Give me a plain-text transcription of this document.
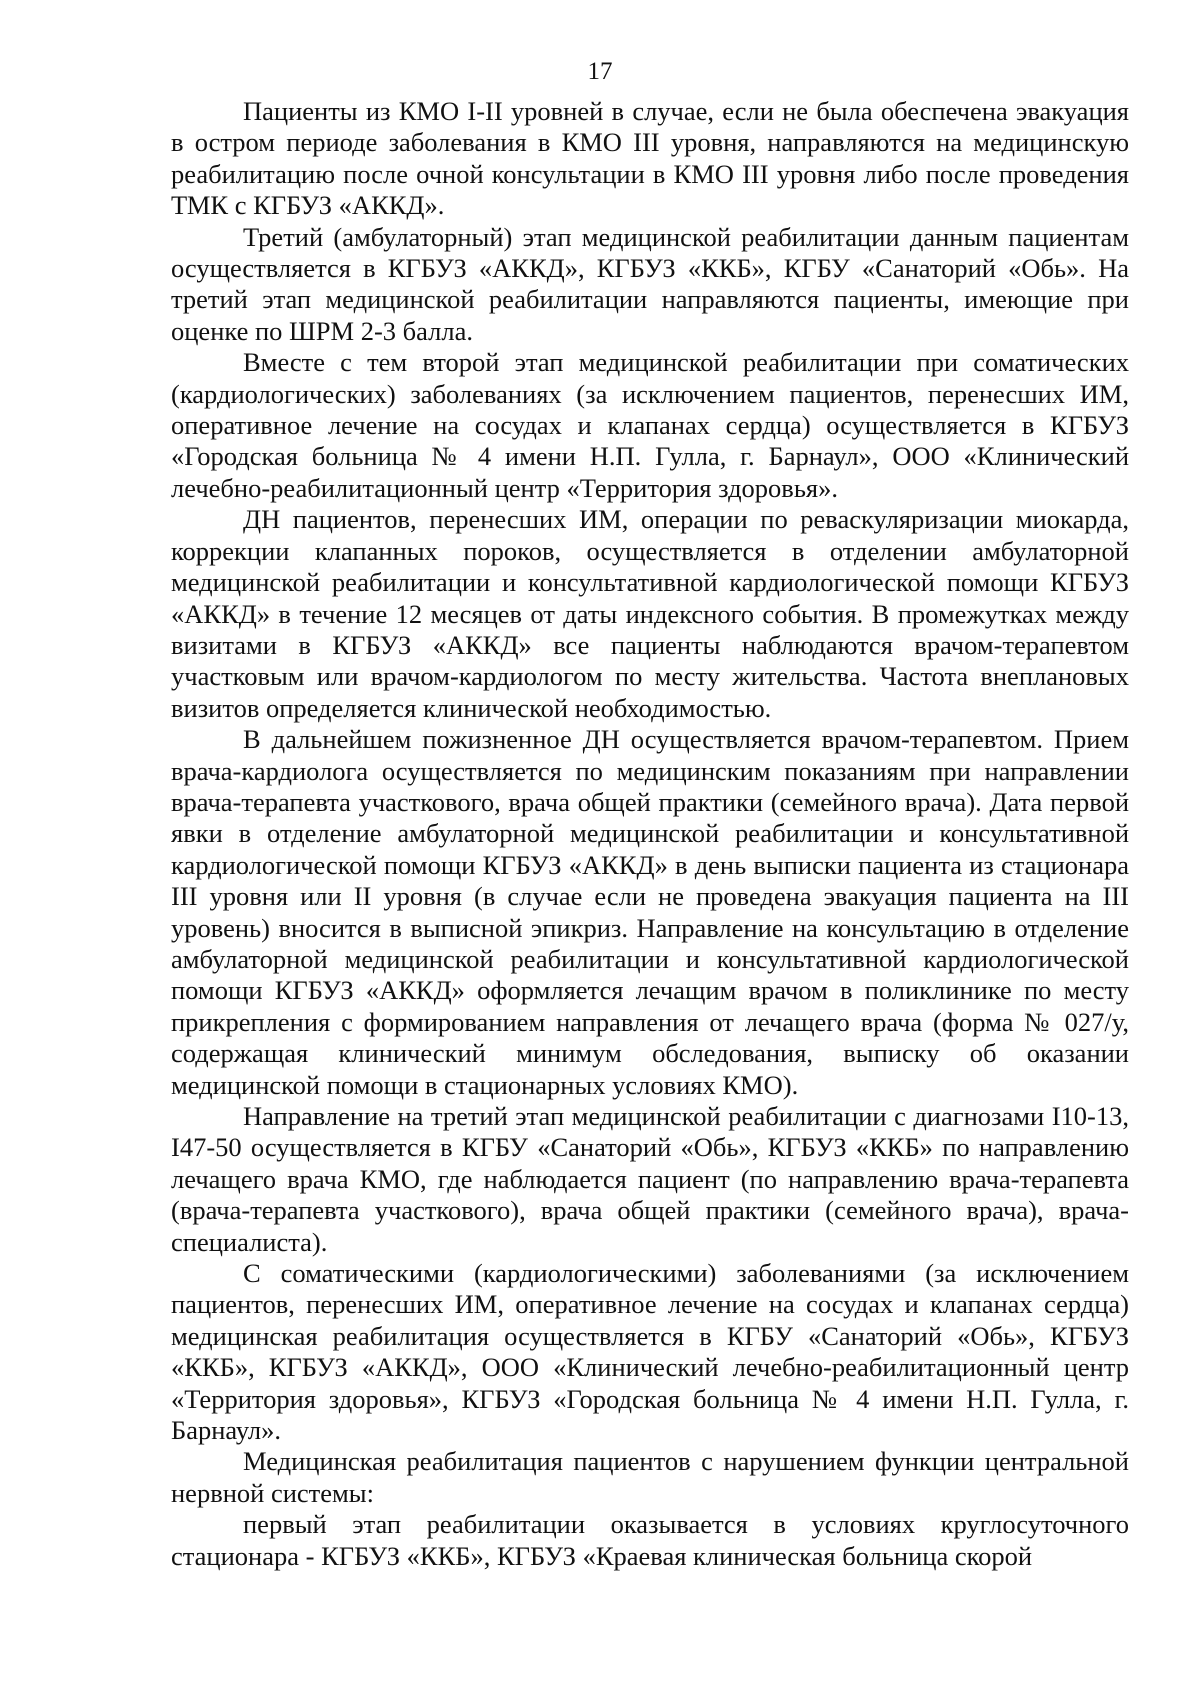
17

Пациенты из КМО I-II уровней в случае, если не была обеспечена эвакуация в остром периоде заболевания в КМО III уровня, направляются на медицинскую реабилитацию после очной консультации в КМО III уровня либо после проведения ТМК с КГБУЗ «АККД».

Третий (амбулаторный) этап медицинской реабилитации данным пациентам осуществляется в КГБУЗ «АККД», КГБУЗ «ККБ», КГБУ «Санаторий «Обь». На третий этап медицинской реабилитации направляются пациенты, имеющие при оценке по ШРМ 2-3 балла.

Вместе с тем второй этап медицинской реабилитации при соматических (кардиологических) заболеваниях (за исключением пациентов, перенесших ИМ, оперативное лечение на сосудах и клапанах сердца) осуществляется в КГБУЗ «Городская больница № 4 имени Н.П. Гулла, г. Барнаул», ООО «Клинический лечебно-реабилитационный центр «Территория здоровья».

ДН пациентов, перенесших ИМ, операции по реваскуляризации миокарда, коррекции клапанных пороков, осуществляется в отделении амбулаторной медицинской реабилитации и консультативной кардиологической помощи КГБУЗ «АККД» в течение 12 месяцев от даты индексного события. В промежутках между визитами в КГБУЗ «АККД» все пациенты наблюдаются врачом-терапевтом участковым или врачом-кардиологом по месту жительства. Частота внеплановых визитов определяется клинической необходимостью.

В дальнейшем пожизненное ДН осуществляется врачом-терапевтом. Прием врача-кардиолога осуществляется по медицинским показаниям при направлении врача-терапевта участкового, врача общей практики (семейного врача). Дата первой явки в отделение амбулаторной медицинской реабилитации и консультативной кардиологической помощи КГБУЗ «АККД» в день выписки пациента из стационара III уровня или II уровня (в случае если не проведена эвакуация пациента на III уровень) вносится в выписной эпикриз. Направление на консультацию в отделение амбулаторной медицинской реабилитации и консультативной кардиологической помощи КГБУЗ «АККД» оформляется лечащим врачом в поликлинике по месту прикрепления с формированием направления от лечащего врача (форма № 027/у, содержащая клинический минимум обследования, выписку об оказании медицинской помощи в стационарных условиях КМО).

Направление на третий этап медицинской реабилитации с диагнозами I10-13, I47-50 осуществляется в КГБУ «Санаторий «Обь», КГБУЗ «ККБ» по направлению лечащего врача КМО, где наблюдается пациент (по направлению врача-терапевта (врача-терапевта участкового), врача общей практики (семейного врача), врача-специалиста).

С соматическими (кардиологическими) заболеваниями (за исключением пациентов, перенесших ИМ, оперативное лечение на сосудах и клапанах сердца) медицинская реабилитация осуществляется в КГБУ «Санаторий «Обь», КГБУЗ «ККБ», КГБУЗ «АККД», ООО «Клинический лечебно-реабилитационный центр «Территория здоровья», КГБУЗ «Городская больница № 4 имени Н.П. Гулла, г. Барнаул».

Медицинская реабилитация пациентов с нарушением функции центральной нервной системы:

первый этап реабилитации оказывается в условиях круглосуточного стационара - КГБУЗ «ККБ», КГБУЗ «Краевая клиническая больница скорой
